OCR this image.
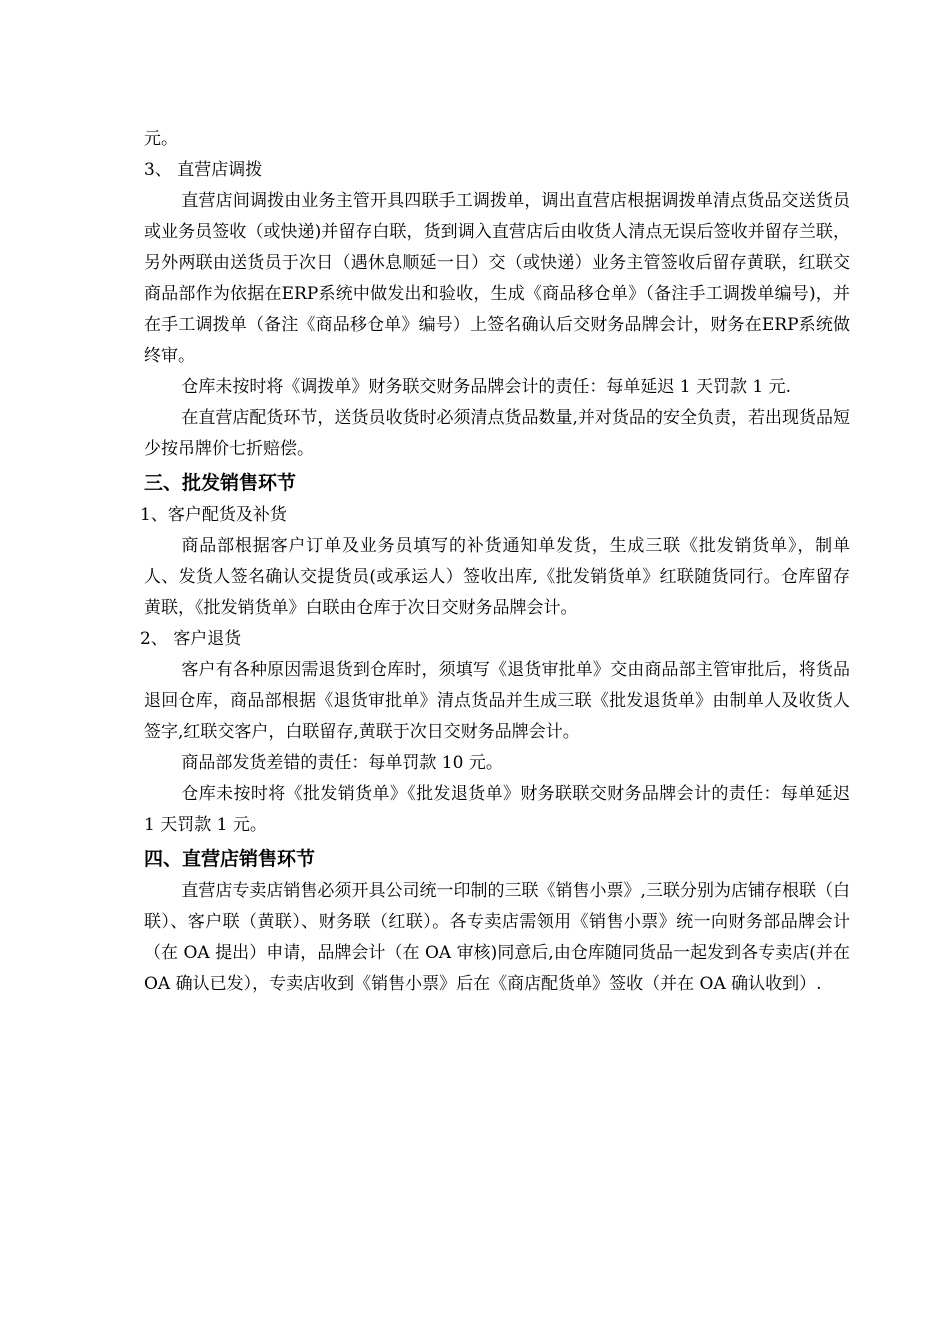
元。

3、 直营店调拨

直营店间调拨由业务主管开具四联手工调拨单，调出直营店根据调拨单清点货品交送货员或业务员签收（或快递)并留存白联，货到调入直营店后由收货人清点无误后签收并留存兰联，另外两联由送货员于次日（遇休息顺延一日）交（或快递）业务主管签收后留存黄联，红联交商品部作为依据在ERP系统中做发出和验收，生成《商品移仓单》（备注手工调拨单编号)，并在手工调拨单（备注《商品移仓单》编号）上签名确认后交财务品牌会计，财务在ERP系统做终审。

仓库未按时将《调拨单》财务联交财务品牌会计的责任：每单延迟 1 天罚款 1 元.

在直营店配货环节，送货员收货时必须清点货品数量,并对货品的安全负责，若出现货品短少按吊牌价七折赔偿。

三、批发销售环节

1、客户配货及补货

商品部根据客户订单及业务员填写的补货通知单发货，生成三联《批发销货单》，制单人、发货人签名确认交提货员(或承运人）签收出库,《批发销货单》红联随货同行。仓库留存黄联，《批发销货单》白联由仓库于次日交财务品牌会计。

2、 客户退货

客户有各种原因需退货到仓库时，须填写《退货审批单》交由商品部主管审批后，将货品退回仓库，商品部根据《退货审批单》清点货品并生成三联《批发退货单》由制单人及收货人签字,红联交客户，白联留存,黄联于次日交财务品牌会计。

商品部发货差错的责任：每单罚款 10 元。

仓库未按时将《批发销货单》《批发退货单》财务联联交财务品牌会计的责任：每单延迟 1 天罚款 1 元。

四、直营店销售环节

直营店专卖店销售必须开具公司统一印制的三联《销售小票》,三联分别为店铺存根联（白联）、客户联（黄联）、财务联（红联）。各专卖店需领用《销售小票》统一向财务部品牌会计（在 OA 提出）申请，品牌会计（在 OA 审核)同意后,由仓库随同货品一起发到各专卖店(并在 OA 确认已发），专卖店收到《销售小票》后在《商店配货单》签收（并在 OA 确认收到）.
